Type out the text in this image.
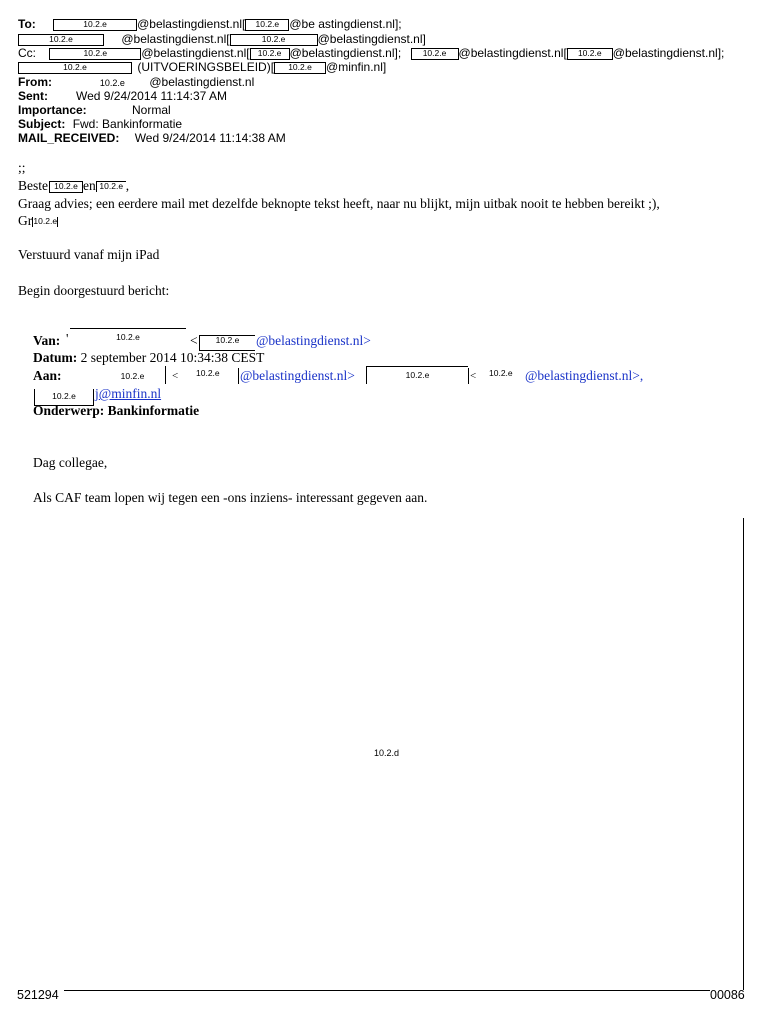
To:	10.2.e	@belastingdienst.nl[ 10.2.e @be astingdienst.nl];
10.2.e	@belastingdienst.nl[	10.2.e	@belastingdienst.nl]
Cc:	10.2.e	@belastingdienst.nl[ 10.2.e @belastingdienst.nl];	10.2.e @belastingdienst.nl[ 10.2.e @belastingdienst.nl];
10.2.e	(UITVOERINGSBELEID)[ 10.2.e @minfin.nl]
From:	10.2.e @belastingdienst.nl
Sent: Wed 9/24/2014 11:14:37 AM
Importance:	Normal
Subject: Fwd: Bankinformatie
MAIL_RECEIVED: Wed 9/24/2014 11:14:38 AM
;;
Beste 10.2.e en 10.2.e ,
Graag advies; een eerdere mail met dezelfde beknopte tekst heeft, naar nu blijkt, mijn uitbak nooit te hebben bereikt ;),
Gr10.2.e
Verstuurd vanaf mijn iPad
Begin doorgestuurd bericht:
Van: '	10.2.e	<	10.2.e	@belastingdienst.nl>
Datum: 2 september 2014 10:34:38 CEST
Aan:	10.2.e	< 10.2.e @belastingdienst.nl>	10.2.e	< 10.2.e @belastingdienst.nl>,
10.2.e	j@minfin.nl
Onderwerp: Bankinformatie
Dag collegae,
Als CAF team lopen wij tegen een -ons inziens- interessant gegeven aan.
10.2.d
521294	00086
